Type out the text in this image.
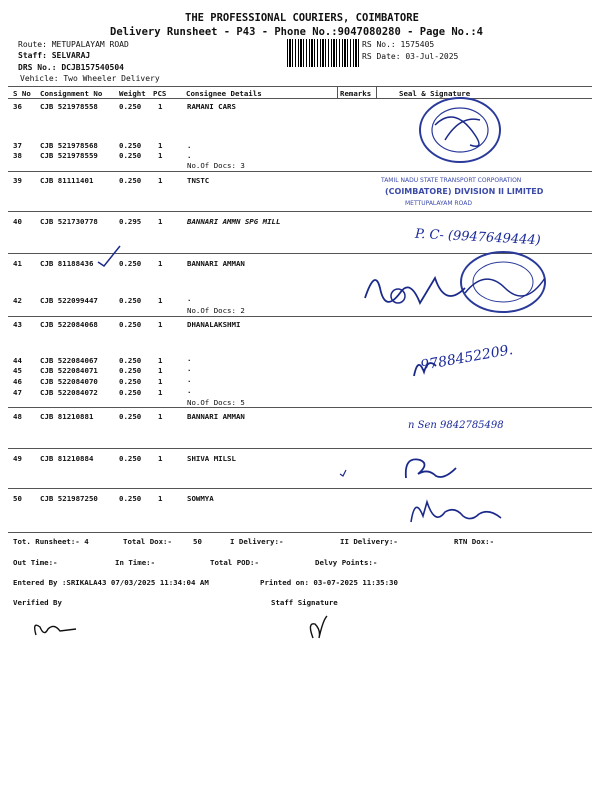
THE PROFESSIONAL COURIERS, COIMBATORE
Delivery Runsheet - P43 - Phone No.:9047080280 - Page No.:4
Route: METUPALAYAM ROAD
Staff: SELVARAJ
DRS No.: DCJB157540504
Vehicle: Two Wheeler Delivery
RS No.: 1575405
RS Date: 03-Jul-2025
S No Consignment No Weight PCS	Consignee Details	Remarks	Seal & Signature
36 CJB 521978558	0.250 1	RAMANI CARS
37 CJB 521978568	0.250 1	.
38 CJB 521978559	0.250 1	.
No.Of Docs: 3
39 CJB 81111401	0.250 1	TNSTC
40 CJB 521730778	0.295 1	BANNARI AMMN SPG MILL
41 CJB 81188436	0.250 1	BANNARI AMMAN
42 CJB 522099447	0.250 1	.
No.Of Docs: 2
43 CJB 522084068	0.250 1	DHANALAKSHMI
44 CJB 522084067	0.250 1	.
45 CJB 522084071	0.250 1	.
46 CJB 522084070	0.250 1	.
47 CJB 522084072	0.250 1	.
No.Of Docs: 5
48 CJB 81210881	0.250 1	BANNARI AMMAN
49 CJB 81210884	0.250 1	SHIVA MILSL
50 CJB 521987250	0.250 1	SOWMYA
TAMIL NADU STATE TRANSPORT CORPORATION
(COIMBATORE) DIVISION II LIMITED
METTUPALAYAM ROAD
P. C- (9947649444)
9788452209.
n Sen 9842785498
Tot. Runsheet:- 4	Total Dox:-	50	I Delivery:-	II Delivery:-	RTN Dox:-
Out Time:-	In Time:-	Total POD:-	Delvy Points:-
Entered By :SRIKALA43 07/03/2025 11:34:04 AM	Printed on: 03-07-2025 11:35:30
Verified By	Staff Signature
